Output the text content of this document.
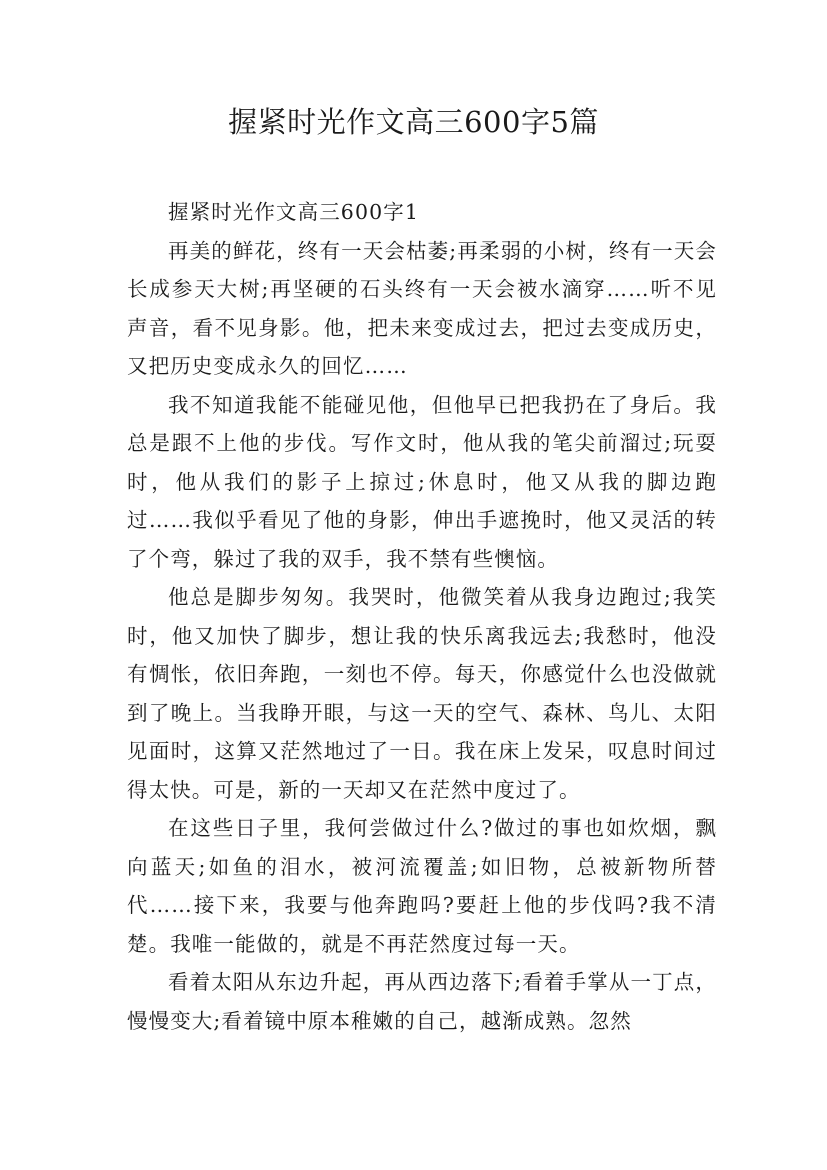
握紧时光作文高三600字5篇

握紧时光作文高三600字1

再美的鲜花，终有一天会枯萎;再柔弱的小树，终有一天会长成参天大树;再坚硬的石头终有一天会被水滴穿……听不见声音，看不见身影。他，把未来变成过去，把过去变成历史，又把历史变成永久的回忆……

我不知道我能不能碰见他，但他早已把我扔在了身后。我总是跟不上他的步伐。写作文时，他从我的笔尖前溜过;玩耍时，他从我们的影子上掠过;休息时，他又从我的脚边跑过……我似乎看见了他的身影，伸出手遮挽时，他又灵活的转了个弯，躲过了我的双手，我不禁有些懊恼。

他总是脚步匆匆。我哭时，他微笑着从我身边跑过;我笑时，他又加快了脚步，想让我的快乐离我远去;我愁时，他没有惆怅，依旧奔跑，一刻也不停。每天，你感觉什么也没做就到了晚上。当我睁开眼，与这一天的空气、森林、鸟儿、太阳见面时，这算又茫然地过了一日。我在床上发呆，叹息时间过得太快。可是，新的一天却又在茫然中度过了。

在这些日子里，我何尝做过什么?做过的事也如炊烟，飘向蓝天;如鱼的泪水，被河流覆盖;如旧物，总被新物所替代……接下来，我要与他奔跑吗?要赶上他的步伐吗?我不清楚。我唯一能做的，就是不再茫然度过每一天。

看着太阳从东边升起，再从西边落下;看着手掌从一丁点，慢慢变大;看着镜中原本稚嫩的自己，越渐成熟。忽然
